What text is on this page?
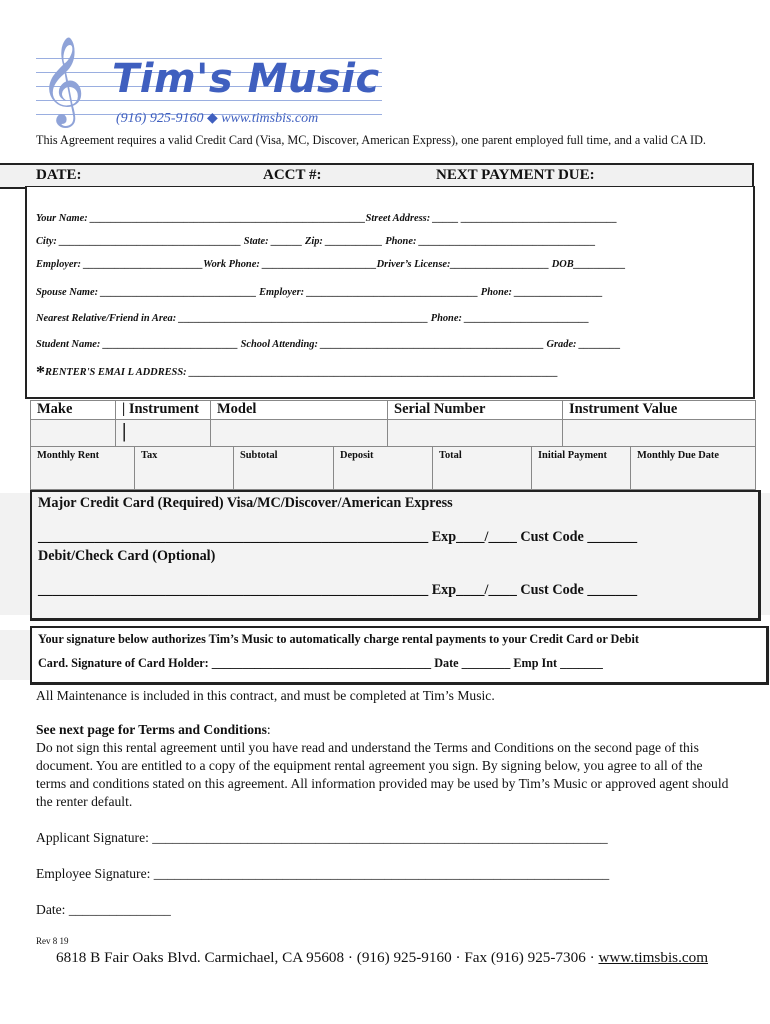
𝄞 Tim's Music
(916) 925-9160 ◆ www.timsbis.com
This Agreement requires a valid Credit Card (Visa, MC, Discover, American Express), one parent employed full time, and a valid CA ID.
DATE:	ACCT #:	NEXT PAYMENT DUE:
Your Name: _____________________________________________________Street Address: _____ ______________________________
City: ___________________________________ State: ______ Zip: ___________ Phone: __________________________________
Employer: _______________________Work Phone: ______________________Driver’s License:___________________ DOB__________
Spouse Name: ______________________________ Employer: _________________________________ Phone: _________________
Nearest Relative/Friend in Area: ________________________________________________ Phone: ________________________
Student Name: __________________________ School Attending: ___________________________________________ Grade: ________
*RENTER'S EMAI L ADDRESS: _______________________________________________________________________
Make	| Instrument	Model	Serial Number	Instrument Value
	|			
Monthly Rent	Tax	Subtotal	Deposit	Total	Initial Payment	Monthly Due Date
Major Credit Card (Required) Visa/MC/Discover/American Express
_______________________________________________________ Exp____/____ Cust Code _______
Debit/Check Card (Optional)
_______________________________________________________ Exp____/____ Cust Code _______
Your signature below authorizes Tim’s Music to automatically charge rental payments to your Credit Card or Debit
Card. Signature of Card Holder: ____________________________________ Date ________ Emp Int _______
All Maintenance is included in this contract, and must be completed at Tim’s Music.
See next page for Terms and Conditions:
Do not sign this rental agreement until you have read and understand the Terms and Conditions on the second page of this document. You are entitled to a copy of the equipment rental agreement you sign. By signing below, you agree to all of the terms and conditions stated on this agreement. All information provided may be used by Tim’s Music or approved agent should the renter default.
Applicant Signature: ___________________________________________________________________
Employee Signature: ___________________________________________________________________
Date: _______________
Rev 8 19
6818 B Fair Oaks Blvd. Carmichael, CA 95608 · (916) 925-9160 · Fax (916) 925-7306 · www.timsbis.com
